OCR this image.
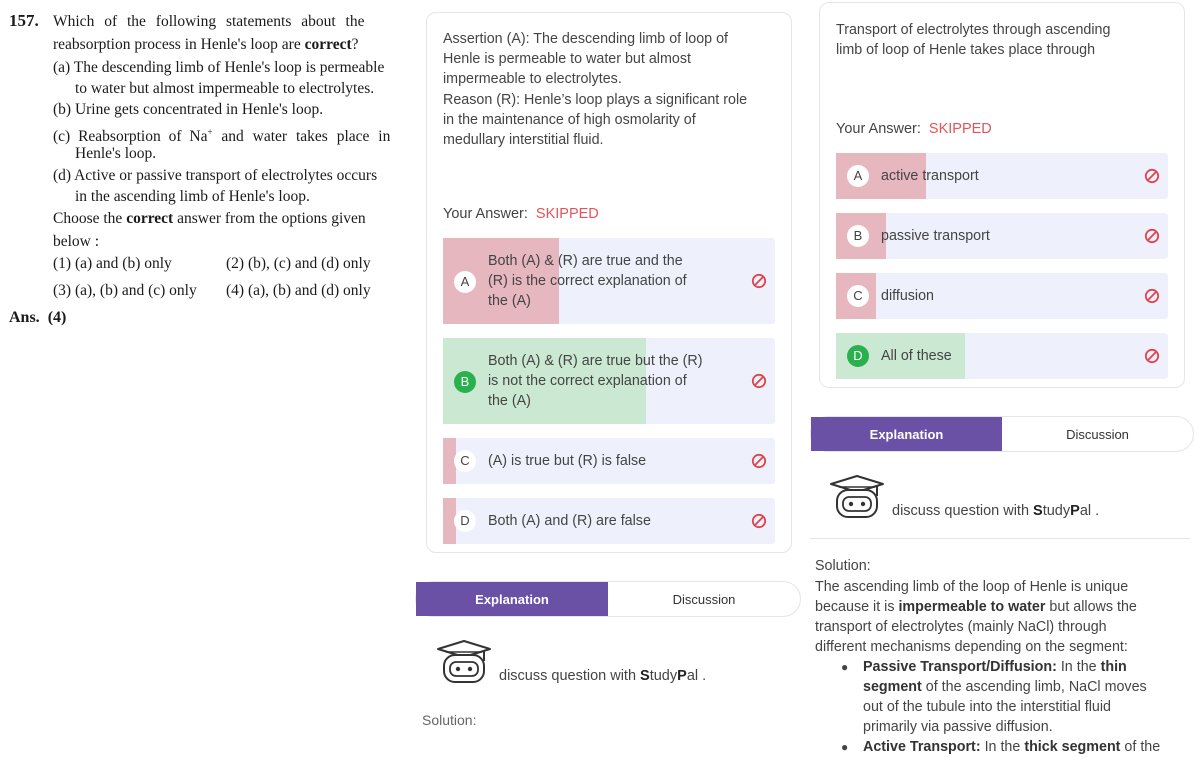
157. Which of the following statements about the
reabsorption process in Henle's loop are correct?
(a) The descending limb of Henle's loop is permeable
to water but almost impermeable to electrolytes.
(b) Urine gets concentrated in Henle's loop.
(c) Reabsorption of Na+ and water takes place in
Henle's loop.
(d) Active or passive transport of electrolytes occurs
in the ascending limb of Henle's loop.
Choose the correct answer from the options given
below :
(1) (a) and (b) only	(2) (b), (c) and (d) only
(3) (a), (b) and (c) only (4) (a), (b) and (d) only
Ans. (4)
Assertion (A): The descending limb of loop of
Henle is permeable to water but almost
impermeable to electrolytes.
Reason (R): Henle’s loop plays a significant role
in the maintenance of high osmolarity of
medullary interstitial fluid.
Your Answer: SKIPPED
A
Both (A) & (R) are true and the
(R) is the correct explanation of
the (A)
B
Both (A) & (R) are true but the (R)
is not the correct explanation of
the (A)
C	(A) is true but (R) is false
D	Both (A) and (R) are false
Explanation	Discussion
discuss question with StudyPal .
Solution:
Transport of electrolytes through ascending
limb of loop of Henle takes place through
Your Answer: SKIPPED
A	active transport
B	passive transport
C	diffusion
D	All of these
Explanation	Discussion
discuss question with StudyPal .
Solution:
The ascending limb of the loop of Henle is unique
because it is impermeable to water but allows the
transport of electrolytes (mainly NaCl) through
different mechanisms depending on the segment:
● Passive Transport/Diffusion: In the thin
segment of the ascending limb, NaCl moves
out of the tubule into the interstitial fluid
primarily via passive diffusion.
● Active Transport: In the thick segment of the
